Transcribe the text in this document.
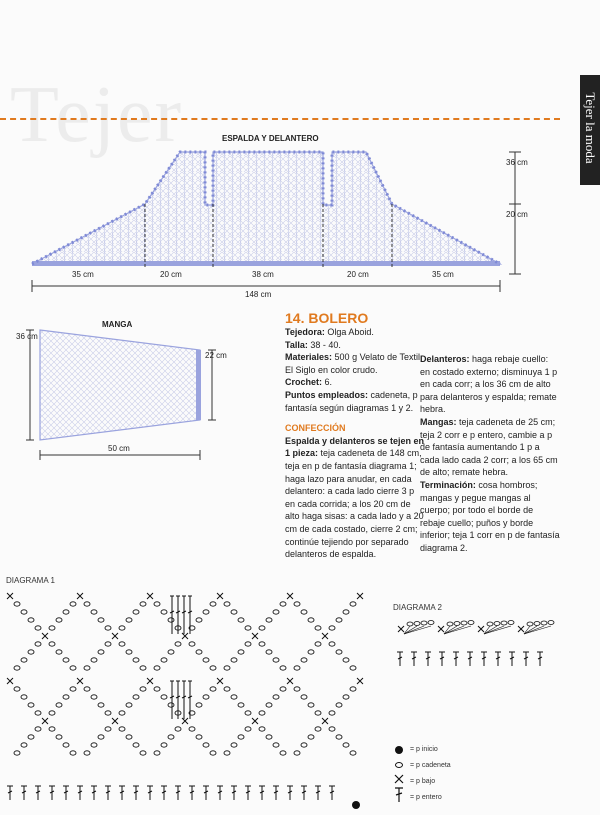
Tejer	Tejer la moda
ESPALDA Y DELANTERO
35 cm	20 cm	38 cm	20 cm	35 cm
148 cm
36 cm
20 cm
MANGA
36 cm
22 cm
50 cm
14. BOLERO
Tejedora: Olga Aboid.
Talla: 38 - 40.
Materiales: 500 g Velato de Textil El Siglo en color crudo.
Crochet: 6.
Puntos empleados: cadeneta, p fantasía según diagramas 1 y 2.
CONFECCIÓN
Espalda y delanteros se tejen en 1 pieza: teja cadeneta de 148 cm, teja en p de fantasía diagrama 1; haga lazo para anudar, en cada delantero: a cada lado cierre 3 p en cada corrida; a los 20 cm de alto haga sisas: a cada lado y a 20 cm de cada costado, cierre 2 cm; continúe tejiendo por separado delanteros de espalda.
Delanteros: haga rebaje cuello: en costado externo; disminuya 1 p en cada corr; a los 36 cm de alto para delanteros y espalda; remate hebra.
Mangas: teja cadeneta de 25 cm; teja 2 corr e p entero, cambie a p de fantasía aumentando 1 p a cada lado cada 2 corr; a los 65 cm de alto; remate hebra.
Terminación: cosa hombros; mangas y pegue mangas al cuerpo; por todo el borde de rebaje cuello; puños y borde inferior; teja 1 corr en p de fantasía diagrama 2.
DIAGRAMA 1
DIAGRAMA 2
= p inicio
= p cadeneta
= p bajo
= p entero
